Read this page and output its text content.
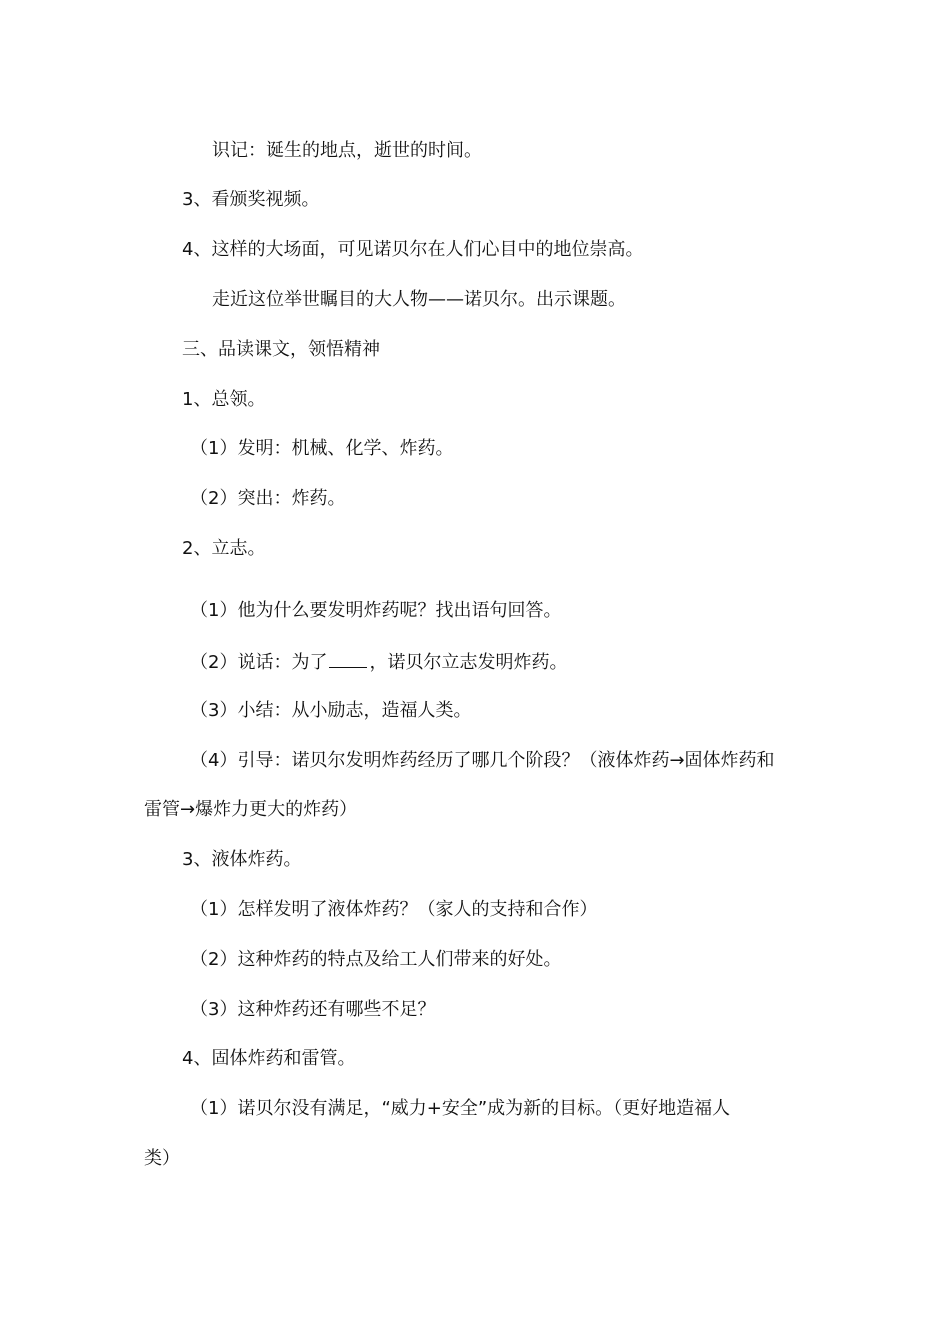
识记：诞生的地点，逝世的时间。
3、看颁奖视频。
4、这样的大场面，可见诺贝尔在人们心目中的地位崇高。
走近这位举世瞩目的大人物——诺贝尔。出示课题。
三、品读课文，领悟精神
1、总领。
（1）发明：机械、化学、炸药。
（2）突出：炸药。
2、立志。
（1）他为什么要发明炸药呢？找出语句回答。
（2）说话：为了 ，诺贝尔立志发明炸药。
（3）小结：从小励志，造福人类。
（4）引导：诺贝尔发明炸药经历了哪几个阶段？（液体炸药→固体炸药和
雷管→爆炸力更大的炸药）
3、液体炸药。
（1）怎样发明了液体炸药？（家人的支持和合作）
（2）这种炸药的特点及给工人们带来的好处。
（3）这种炸药还有哪些不足？
4、固体炸药和雷管。
（1）诺贝尔没有满足，“威力+安全”成为新的目标。（更好地造福人
类）
